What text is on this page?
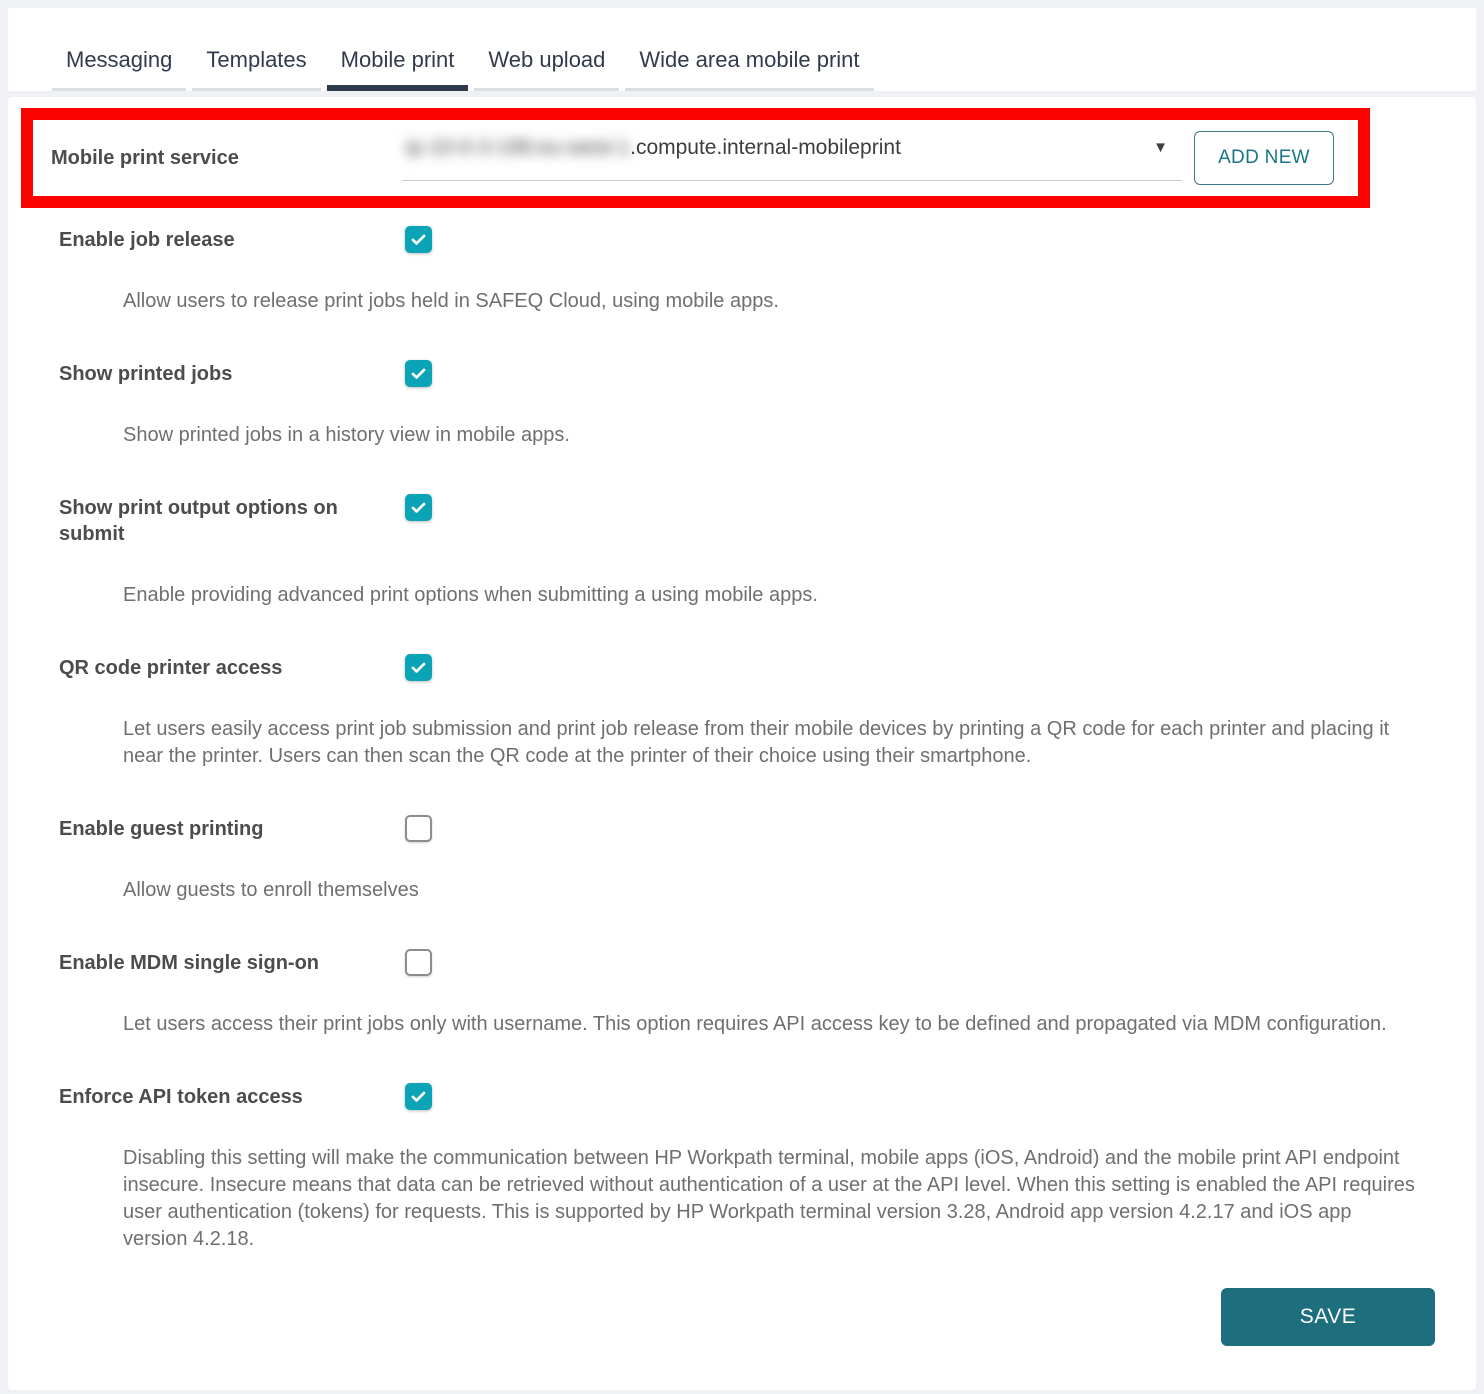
Messaging	Templates	Mobile print	Web upload	Wide area mobile print
Mobile print service	ip-10-0-3-199.eu-west-1.compute.internal-mobileprint	▼	ADD NEW
Enable job release
Allow users to release print jobs held in SAFEQ Cloud, using mobile apps.
Show printed jobs
Show printed jobs in a history view in mobile apps.
Show print output options on submit
Enable providing advanced print options when submitting a using mobile apps.
QR code printer access
Let users easily access print job submission and print job release from their mobile devices by printing a QR code for each printer and placing it near the printer. Users can then scan the QR code at the printer of their choice using their smartphone.
Enable guest printing
Allow guests to enroll themselves
Enable MDM single sign-on
Let users access their print jobs only with username. This option requires API access key to be defined and propagated via MDM configuration.
Enforce API token access
Disabling this setting will make the communication between HP Workpath terminal, mobile apps (iOS, Android) and the mobile print API endpoint insecure. Insecure means that data can be retrieved without authentication of a user at the API level. When this setting is enabled the API requires user authentication (tokens) for requests. This is supported by HP Workpath terminal version 3.28, Android app version 4.2.17 and iOS app version 4.2.18.
SAVE
